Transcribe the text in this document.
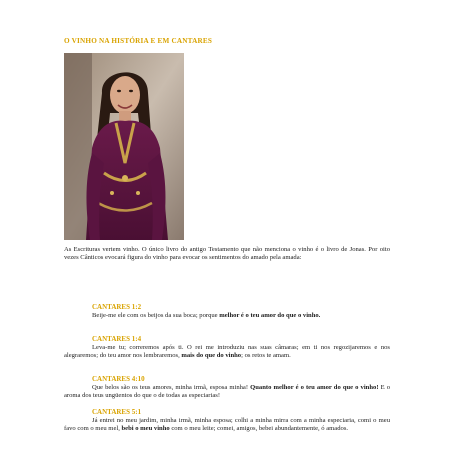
O VINHO NA HISTÓRIA E EM CANTARES
As Escrituras vertem vinho. O único livro do antigo Testamento que não menciona o vinho é o livro de Jonas. Por oito vezes Cânticos evocará figura do vinho para evocar os sentimentos do amado pela amada:
CANTARES 1:2
Beije-me ele com os beijos da sua boca; porque melhor é o teu amor do que o vinho.
CANTARES 1:4
Leva-me tu; correremos após ti. O rei me introduziu nas suas câmaras; em ti nos regozijaremos e nos alegraremos; do teu amor nos lembraremos, mais do que do vinho; os retos te amam.
CANTARES 4:10
Que belos são os teus amores, minha irmã, esposa minha! Quanto melhor é o teu amor do que o vinho! E o aroma dos teus ungüentos do que o de todas as especiarias!
CANTARES 5:1
Já entrei no meu jardim, minha irmã, minha esposa; colhi a minha mirra com a minha especiaria, comi o meu favo com o meu mel, bebi o meu vinho com o meu leite; comei, amigos, bebei abundantemente, ó amados.
